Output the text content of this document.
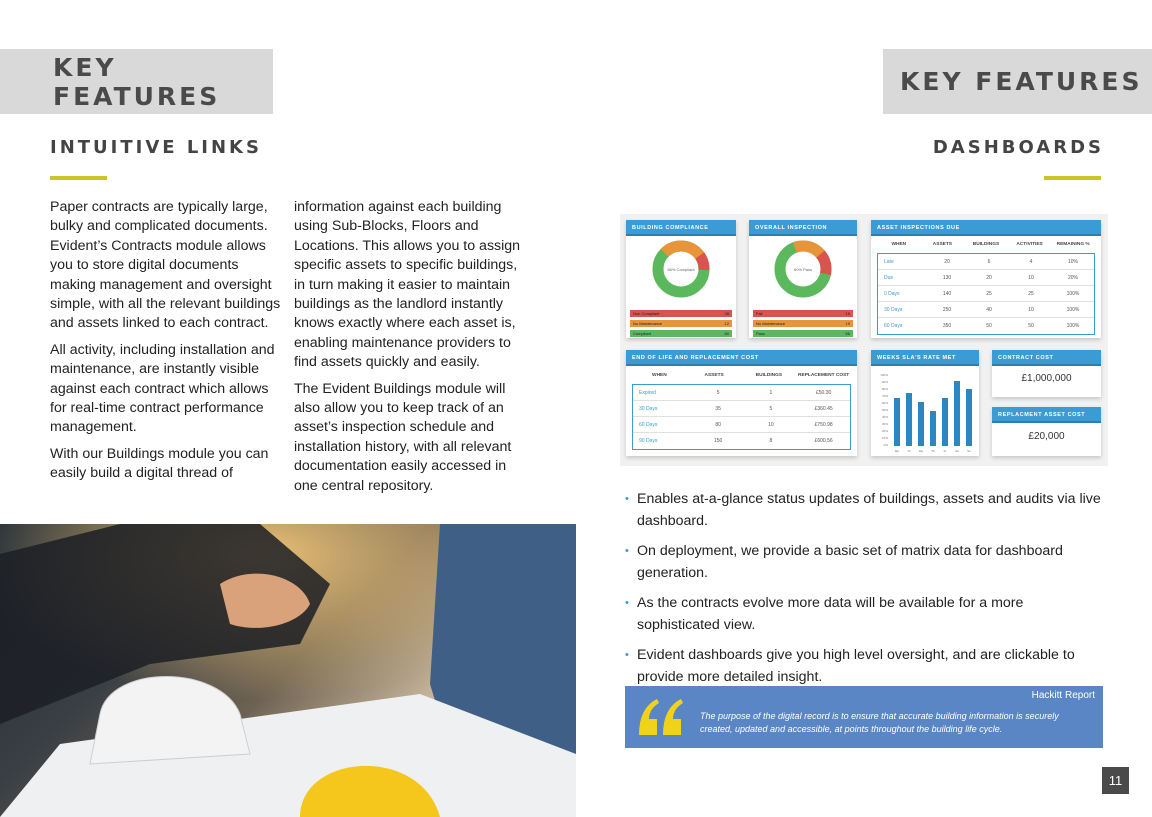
KEY FEATURES
INTUITIVE LINKS

Paper contracts are typically large, bulky and complicated documents. Evident’s Contracts module allows you to store digital documents making management and oversight simple, with all the relevant buildings and assets linked to each contract.

All activity, including installation and maintenance, are instantly visible against each contract which allows for real-time contract performance management.

With our Buildings module you can easily build a digital thread of

information against each building using Sub-Blocks, Floors and Locations. This allows you to assign specific assets to specific buildings, in turn making it easier to maintain buildings as the landlord instantly knows exactly where each asset is, enabling maintenance providers to find assets quickly and easily.

The Evident Buildings module will also allow you to keep track of an asset’s inspection schedule and installation history, with all relevant documentation easily accessed in one central repository.

KEY FEATURES
DASHBOARDS
BUILDING COMPLIANCE
66% Compliant
Non Compliant	28
No Maintenance	12
Compliant	60
OVERALL INSPECTION RESULTS
60% Pass
Fail	15
No Maintenance	19
Pass	66
ASSET INSPECTIONS DUE
WHEN	ASSETS	BUILDINGS	ACTIVITIES	REMAINING %
Late	20	6	4	10%
Due	130	20	10	20%
0 Days	140	25	25	100%
30 Days	250	40	10	100%
60 Days	350	50	50	100%
END OF LIFE AND REPLACEMENT COST
WHEN	ASSETS	BUILDINGS	REPLACEMENT COST
Expired	5	1	£50.30
30 Days	35	5	£360.45
60 Days	80	10	£750.98
90 Days	150	8	£600.56
WEEKS SLA'S RATE MET
100%
90%
80%
70%
60%
50%
40%
30%
20%
10%
0%
Mo	Tu	We	Th	Fr	Sa	Su
CONTRACT COST
£1,000,000
REPLACMENT ASSET COST
£20,000
• Enables at-a-glance status updates of buildings, assets and audits via live dashboard.
• On deployment, we provide a basic set of matrix data for dashboard generation.
• As the contracts evolve more data will be available for a more sophisticated view.
• Evident dashboards give you high level oversight, and are clickable to provide more detailed insight.
Hackitt Report
The purpose of the digital record is to ensure that accurate building information is securely created, updated and accessible, at points throughout the building life cycle.
11
